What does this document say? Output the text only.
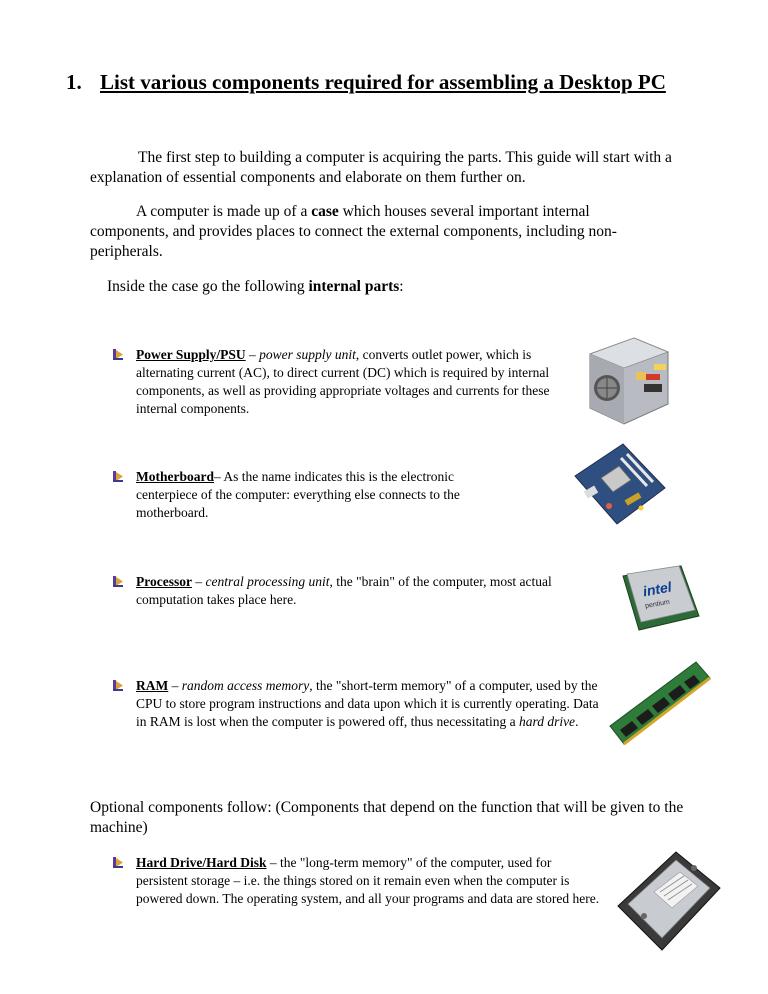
1. List various components required for assembling a Desktop PC

The first step to building a computer is acquiring the parts. This guide will start with a explanation of essential components and elaborate on them further on.

A computer is made up of a case which houses several important internal components, and provides places to connect the external components, including non-peripherals.

Inside the case go the following internal parts:

Power Supply/PSU – power supply unit, converts outlet power, which is alternating current (AC), to direct current (DC) which is required by internal components, as well as providing appropriate voltages and currents for these internal components.
Motherboard– As the name indicates this is the electronic centerpiece of the computer: everything else connects to the motherboard.
Processor – central processing unit, the "brain" of the computer, most actual computation takes place here.
intel
pentium
RAM – random access memory, the "short-term memory" of a computer, used by the CPU to store program instructions and data upon which it is currently operating. Data in RAM is lost when the computer is powered off, thus necessitating a hard drive.

Optional components follow: (Components that depend on the function that will be given to the machine)

Hard Drive/Hard Disk – the "long-term memory" of the computer, used for persistent storage – i.e. the things stored on it remain even when the computer is powered down. The operating system, and all your programs and data are stored here.
